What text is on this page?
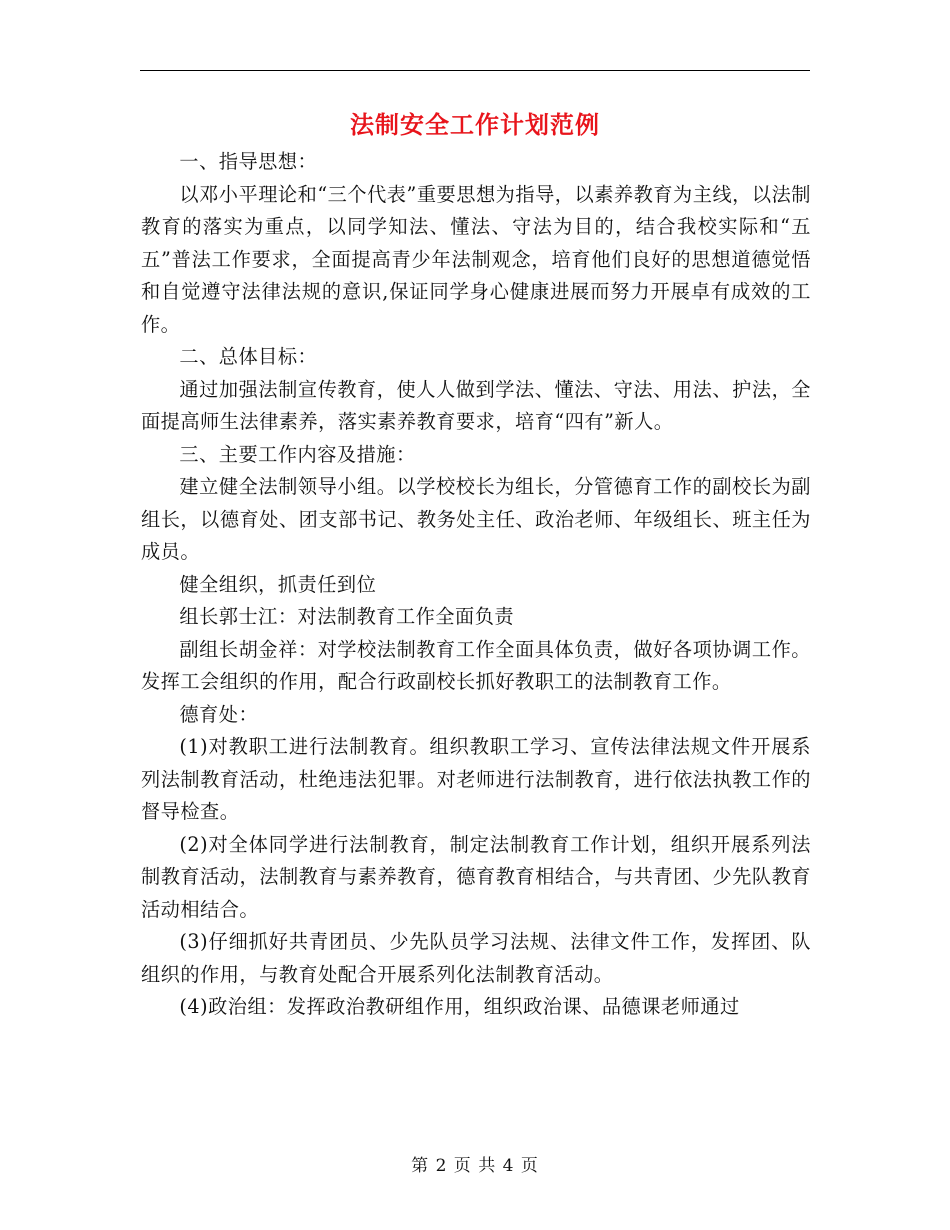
法制安全工作计划范例

一、指导思想：

以邓小平理论和“三个代表”重要思想为指导，以素养教育为主线，以法制教育的落实为重点，以同学知法、懂法、守法为目的，结合我校实际和“五五”普法工作要求，全面提高青少年法制观念，培育他们良好的思想道德觉悟和自觉遵守法律法规的意识,保证同学身心健康进展而努力开展卓有成效的工作。

二、总体目标：

通过加强法制宣传教育，使人人做到学法、懂法、守法、用法、护法，全面提高师生法律素养，落实素养教育要求，培育“四有”新人。

三、主要工作内容及措施：

建立健全法制领导小组。以学校校长为组长，分管德育工作的副校长为副组长，以德育处、团支部书记、教务处主任、政治老师、年级组长、班主任为成员。

健全组织，抓责任到位

组长郭士江：对法制教育工作全面负责

副组长胡金祥：对学校法制教育工作全面具体负责，做好各项协调工作。发挥工会组织的作用，配合行政副校长抓好教职工的法制教育工作。

德育处：

(1)对教职工进行法制教育。组织教职工学习、宣传法律法规文件开展系列法制教育活动，杜绝违法犯罪。对老师进行法制教育，进行依法执教工作的督导检查。

(2)对全体同学进行法制教育，制定法制教育工作计划，组织开展系列法制教育活动，法制教育与素养教育，德育教育相结合，与共青团、少先队教育活动相结合。

(3)仔细抓好共青团员、少先队员学习法规、法律文件工作，发挥团、队组织的作用，与教育处配合开展系列化法制教育活动。

(4)政治组：发挥政治教研组作用，组织政治课、品德课老师通过

第 2 页 共 4 页
